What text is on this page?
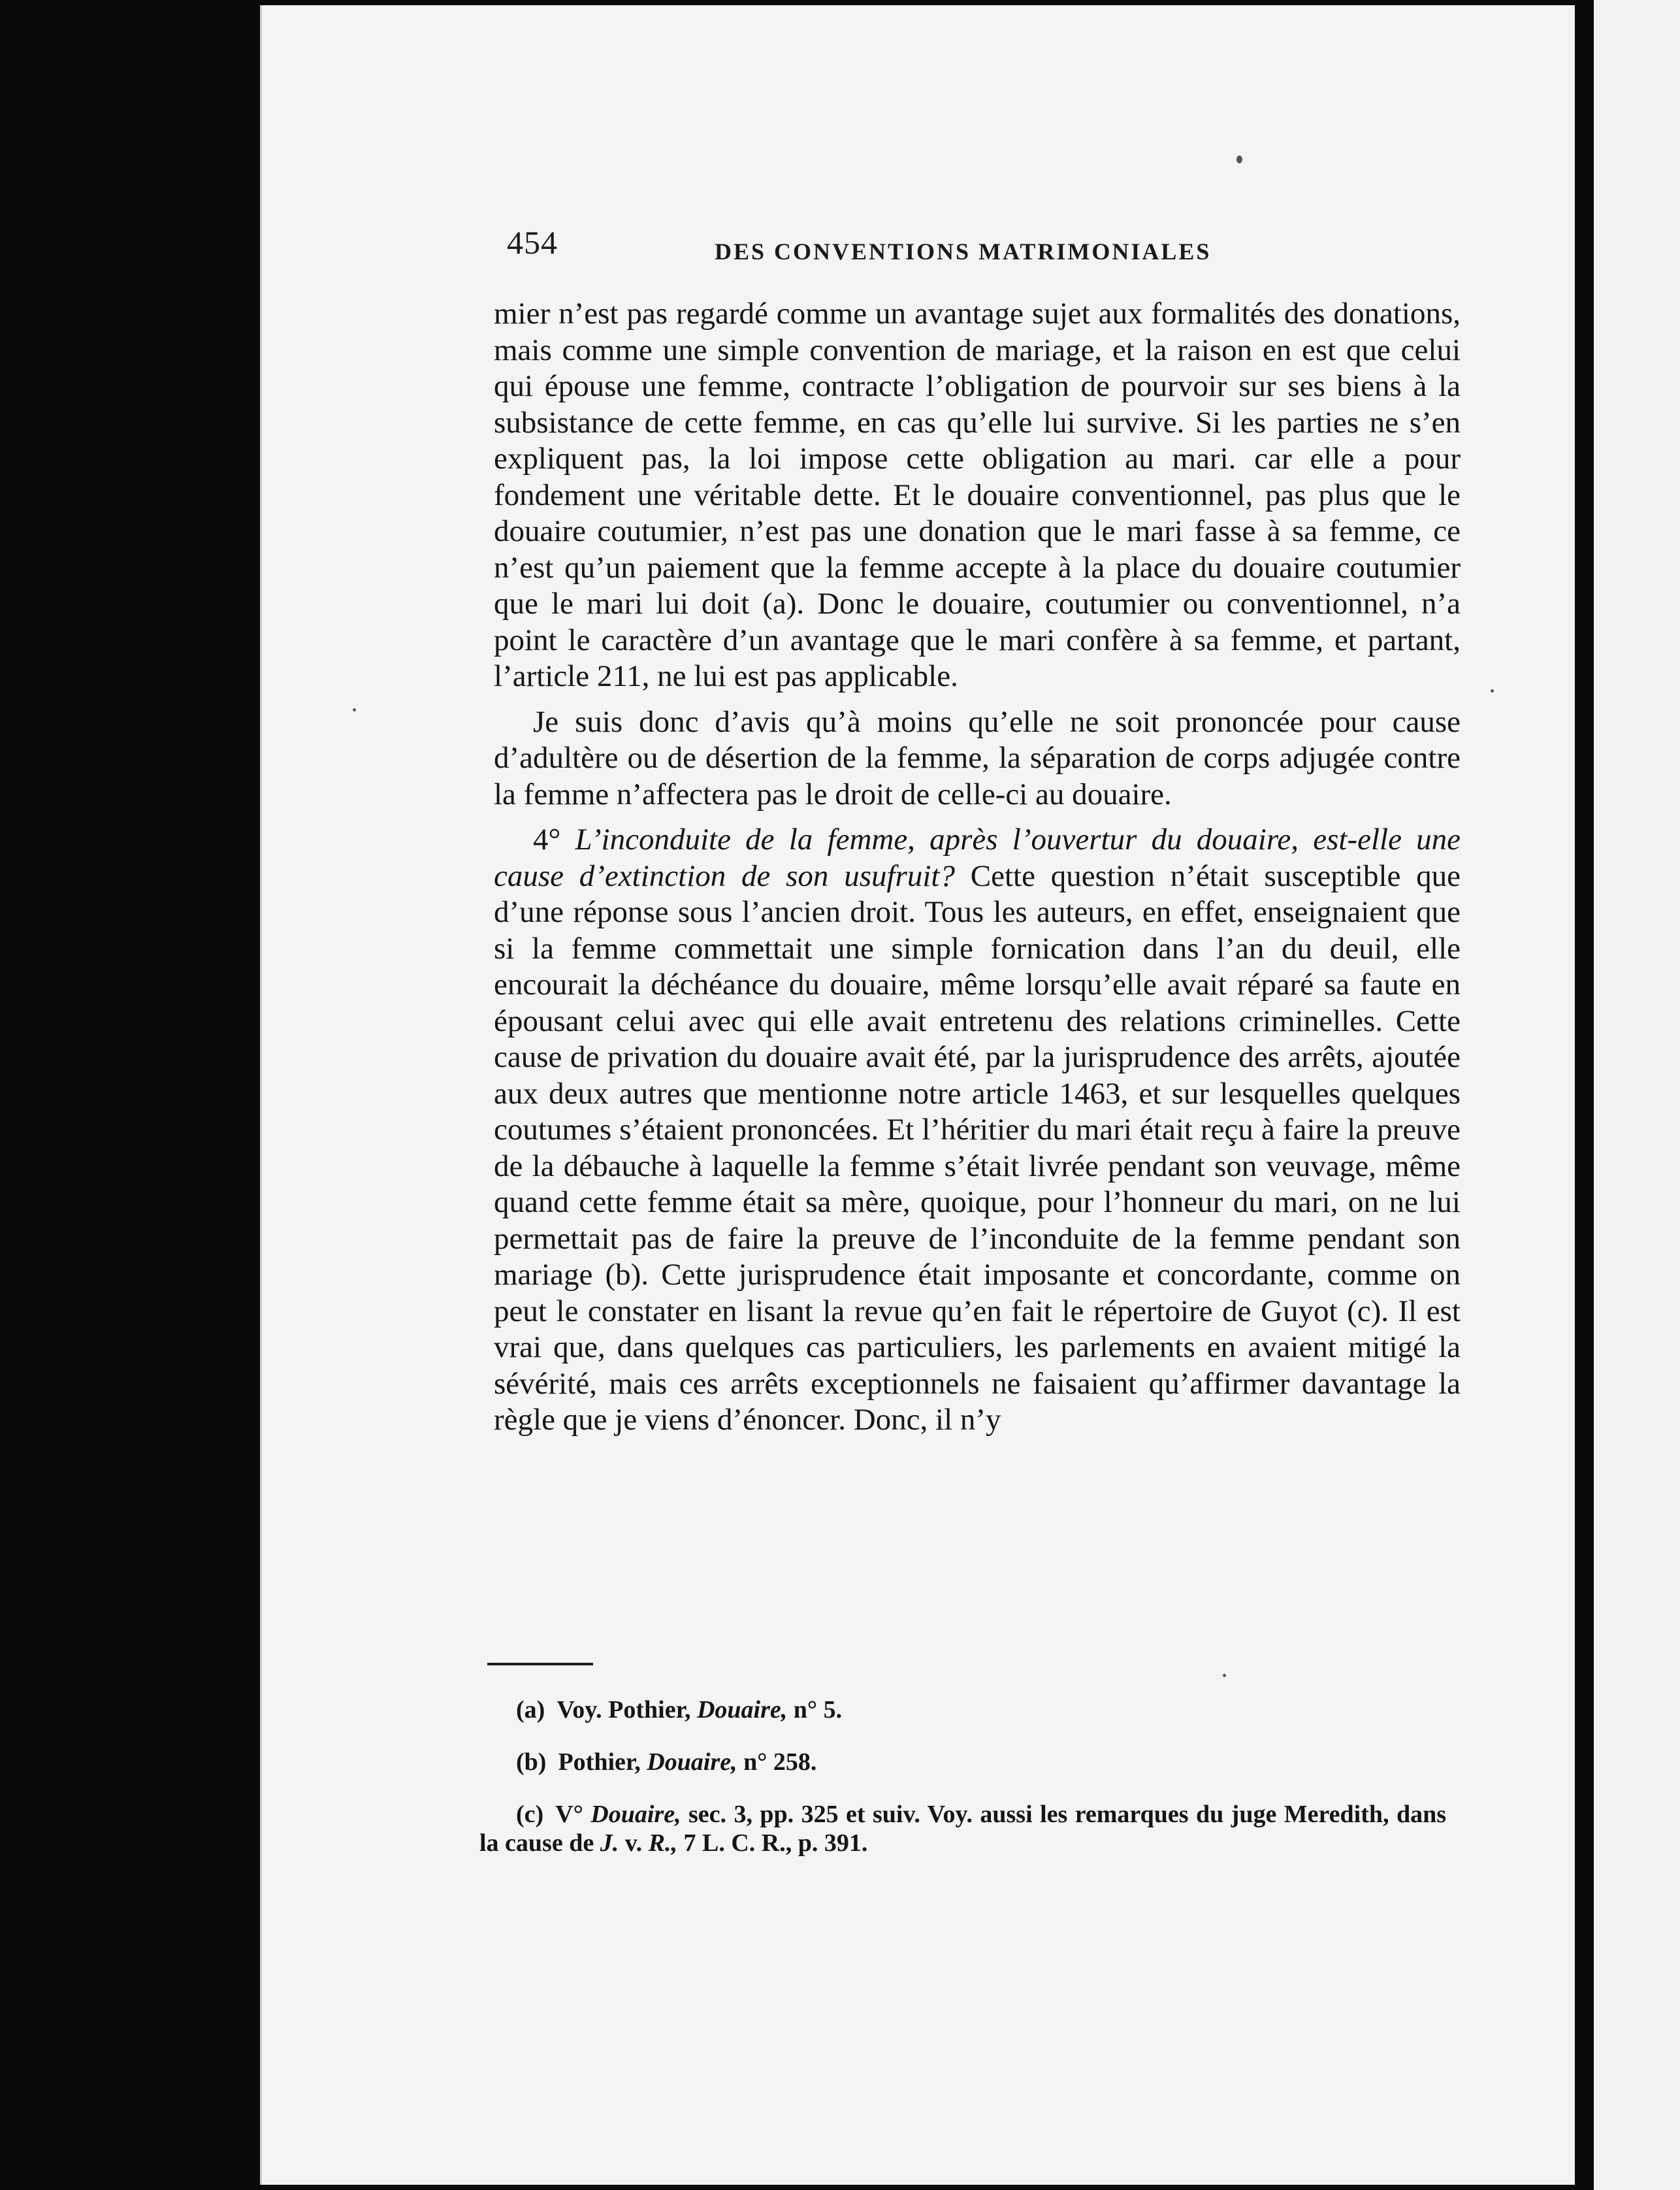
454	DES CONVENTIONS MATRIMONIALES

mier n’est pas regardé comme un avantage sujet aux formalités des donations, mais comme une simple convention de mariage, et la raison en est que celui qui épouse une femme, contracte l’obligation de pourvoir sur ses biens à la subsistance de cette femme, en cas qu’elle lui survive. Si les parties ne s’en expliquent pas, la loi impose cette obligation au mari. car elle a pour fondement une véritable dette. Et le douaire conventionnel, pas plus que le douaire coutumier, n’est pas une donation que le mari fasse à sa femme, ce n’est qu’un paiement que la femme accepte à la place du douaire coutumier que le mari lui doit (a). Donc le douaire, coutumier ou conventionnel, n’a point le caractère d’un avantage que le mari confère à sa femme, et partant, l’article 211, ne lui est pas applicable.

Je suis donc d’avis qu’à moins qu’elle ne soit prononcée pour cause d’adultère ou de désertion de la femme, la séparation de corps adjugée contre la femme n’affectera pas le droit de celle-ci au douaire.

4° L’inconduite de la femme, après l’ouvertur du douaire, est-elle une cause d’extinction de son usufruit? Cette question n’était susceptible que d’une réponse sous l’ancien droit. Tous les auteurs, en effet, enseignaient que si la femme commettait une simple fornication dans l’an du deuil, elle encourait la déchéance du douaire, même lorsqu’elle avait réparé sa faute en épousant celui avec qui elle avait entretenu des relations criminelles. Cette cause de privation du douaire avait été, par la jurisprudence des arrêts, ajoutée aux deux autres que mentionne notre article 1463, et sur lesquelles quelques coutumes s’étaient prononcées. Et l’héritier du mari était reçu à faire la preuve de la débauche à laquelle la femme s’était livrée pendant son veuvage, même quand cette femme était sa mère, quoique, pour l’honneur du mari, on ne lui permettait pas de faire la preuve de l’inconduite de la femme pendant son mariage (b). Cette jurisprudence était imposante et concordante, comme on peut le constater en lisant la revue qu’en fait le répertoire de Guyot (c). Il est vrai que, dans quelques cas particuliers, les parlements en avaient mitigé la sévérité, mais ces arrêts exceptionnels ne faisaient qu’affirmer davantage la règle que je viens d’énoncer. Donc, il n’y

(a) Voy. Pothier, Douaire, n° 5.

(b) Pothier, Douaire, n° 258.

(c) V° Douaire, sec. 3, pp. 325 et suiv. Voy. aussi les remarques du juge Meredith, dans la cause de J. v. R., 7 L. C. R., p. 391.
